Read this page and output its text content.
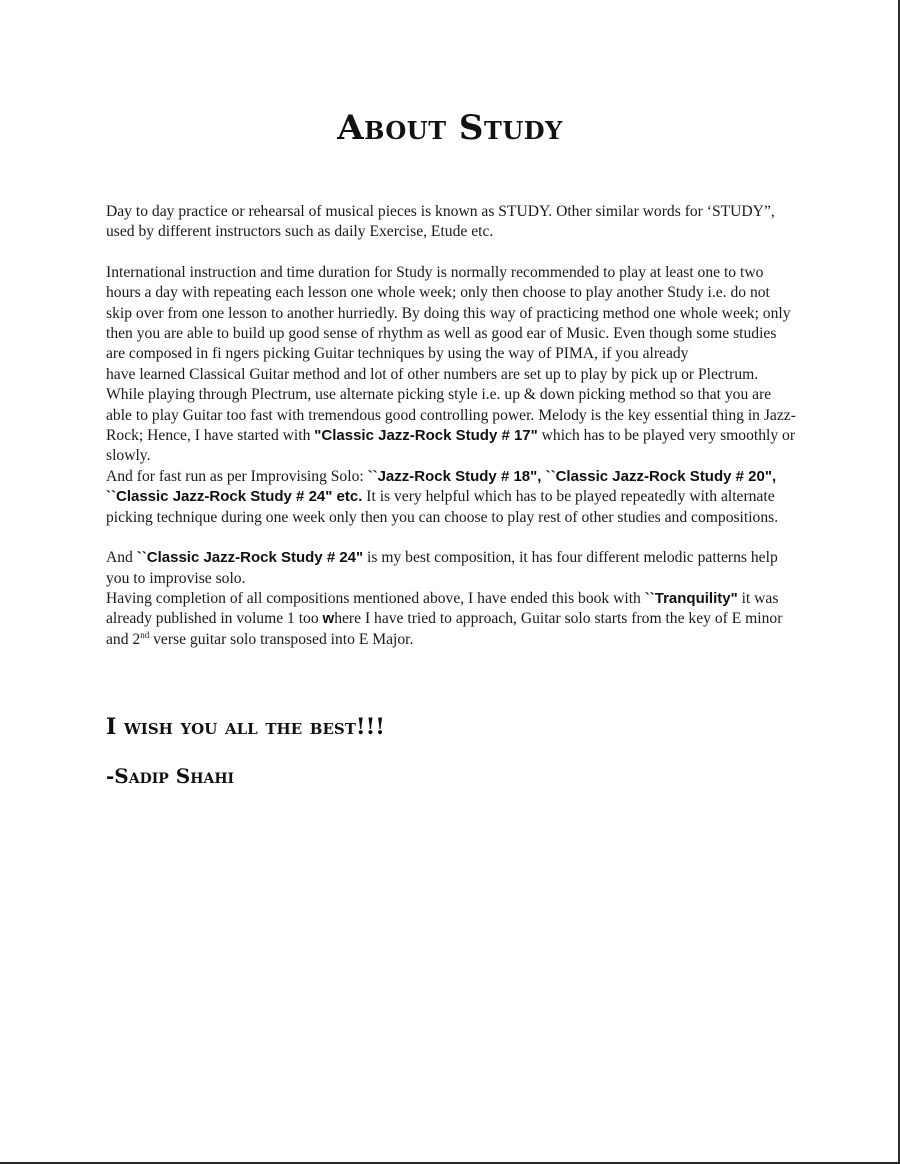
About Study

Day to day practice or rehearsal of musical pieces is known as STUDY. Other similar words for ‘STUDY”, used by different instructors such as daily Exercise, Etude etc.

International instruction and time duration for Study is normally recommended to play at least one to two hours a day with repeating each lesson one whole week; only then choose to play another Study i.e. do not skip over from one lesson to another hurriedly. By doing this way of practicing method one whole week; only then you are able to build up good sense of rhythm as well as good ear of Music. Even though some studies are composed in fi ngers picking Guitar techniques by using the way of PIMA, if you already

have learned Classical Guitar method and lot of other numbers are set up to play by pick up or Plectrum. While playing through Plectrum, use alternate picking style i.e. up & down picking method so that you are able to play Guitar too fast with tremendous good controlling power. Melody is the key essential thing in Jazz-Rock; Hence, I have started with "Classic Jazz-Rock Study # 17" which has to be played very smoothly or slowly.

And for fast run as per Improvising Solo: ``Jazz-Rock Study # 18", ``Classic Jazz-Rock Study # 20", ``Classic Jazz-Rock Study # 24" etc. It is very helpful which has to be played repeatedly with alternate picking technique during one week only then you can choose to play rest of other studies and compositions.

And ``Classic Jazz-Rock Study # 24" is my best composition, it has four different melodic patterns help you to improvise solo.

Having completion of all compositions mentioned above, I have ended this book with ``Tranquility" it was already published in volume 1 too where I have tried to approach, Guitar solo starts from the key of E minor and 2nd verse guitar solo transposed into E Major.

I wish you all the best!!!
-Sadip Shahi
